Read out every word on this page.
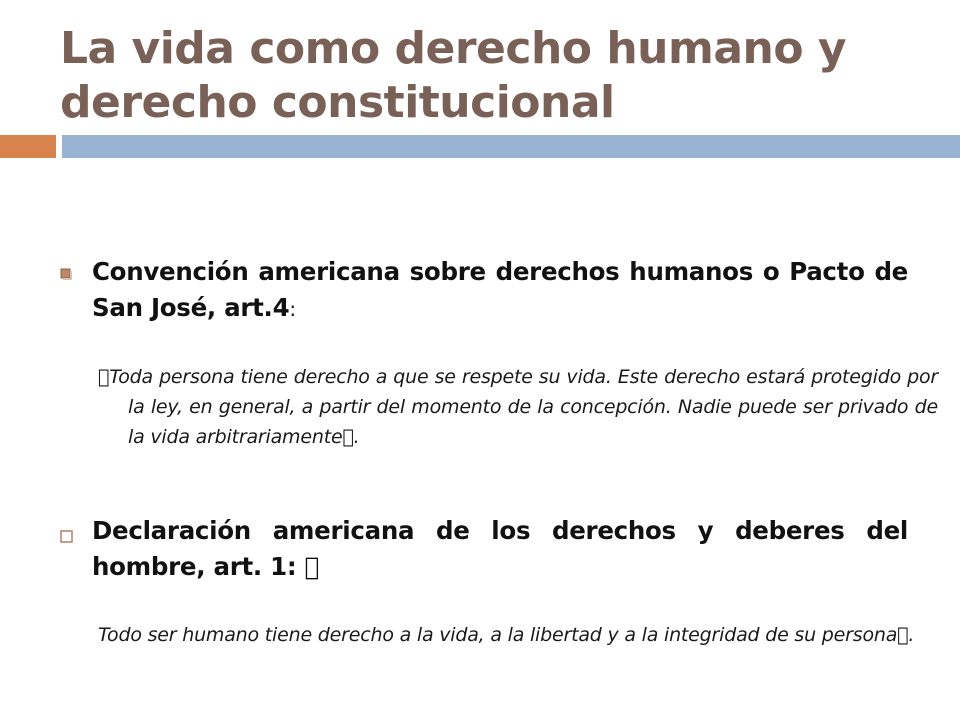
La vida como derecho humano y
derecho constitucional

Convención americana sobre derechos humanos o Pacto de San José, art.4:

 Toda persona tiene derecho a que se respete su vida. Este derecho estará protegido por la ley, en general, a partir del momento de la concepción. Nadie puede ser privado de la vida arbitrariamente .

Declaración americana de los derechos y deberes del hombre, art. 1:  

Todo ser humano tiene derecho a la vida, a la libertad y a la integridad de su persona .
